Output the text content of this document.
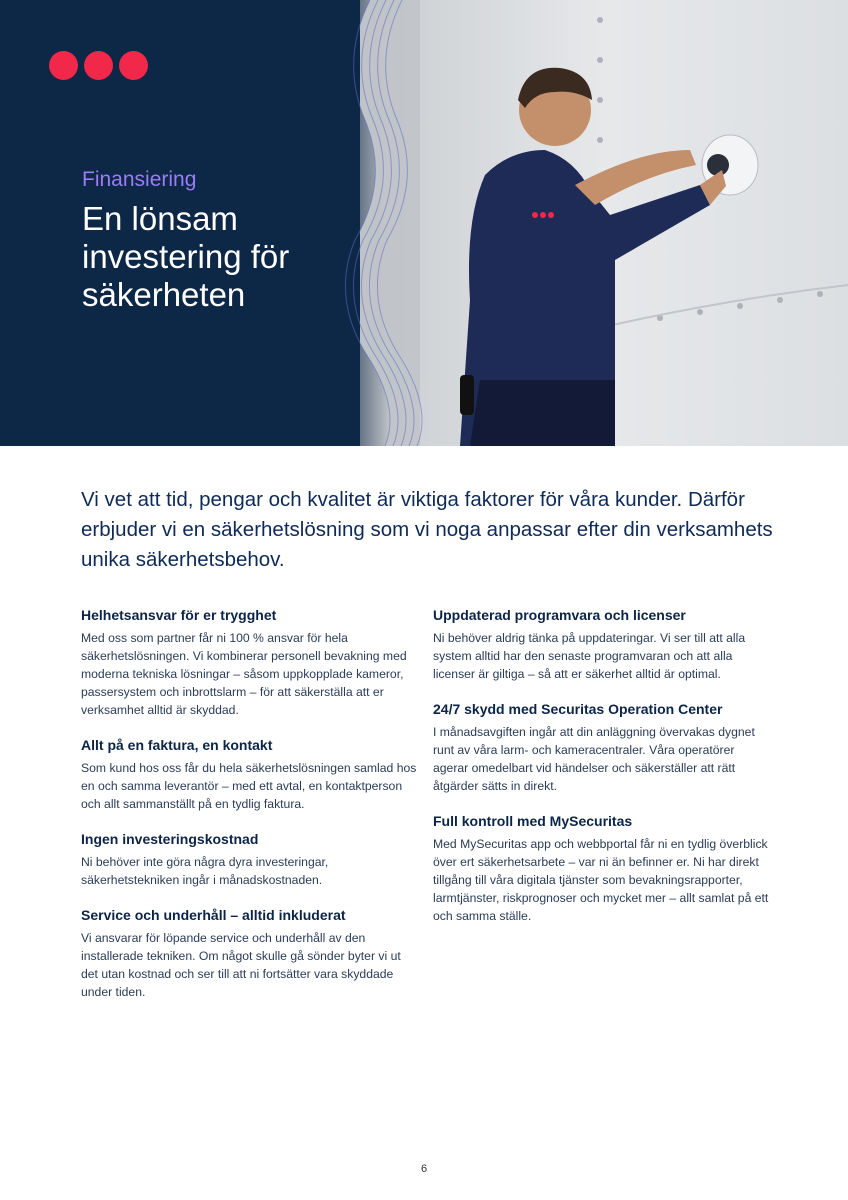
Finansiering
En lönsam investering för säkerheten

Vi vet att tid, pengar och kvalitet är viktiga faktorer för våra kunder. Därför erbjuder vi en säkerhetslösning som vi noga anpassar efter din verksamhets unika säkerhetsbehov.

Helhetsansvar för er trygghet

Med oss som partner får ni 100 % ansvar för hela säkerhetslösningen. Vi kombinerar personell bevakning med moderna tekniska lösningar – såsom uppkopplade kameror, passersystem och inbrottslarm – för att säkerställa att er verksamhet alltid är skyddad.

Allt på en faktura, en kontakt

Som kund hos oss får du hela säkerhetslösningen samlad hos en och samma leverantör – med ett avtal, en kontaktperson och allt sammanställt på en tydlig faktura.

Ingen investeringskostnad

Ni behöver inte göra några dyra investeringar, säkerhetstekniken ingår i månadskostnaden.

Service och underhåll – alltid inkluderat

Vi ansvarar för löpande service och underhåll av den installerade tekniken. Om något skulle gå sönder byter vi ut det utan kostnad och ser till att ni fortsätter vara skyddade under tiden.

Uppdaterad programvara och licenser

Ni behöver aldrig tänka på uppdateringar. Vi ser till att alla system alltid har den senaste programvaran och att alla licenser är giltiga – så att er säkerhet alltid är optimal.

24/7 skydd med Securitas Operation Center

I månadsavgiften ingår att din anläggning övervakas dygnet runt av våra larm- och kameracentraler. Våra operatörer agerar omedelbart vid händelser och säkerställer att rätt åtgärder sätts in direkt.

Full kontroll med MySecuritas

Med MySecuritas app och webbportal får ni en tydlig överblick över ert säkerhetsarbete – var ni än befinner er. Ni har direkt tillgång till våra digitala tjänster som bevakningsrapporter, larmtjänster, riskprognoser och mycket mer – allt samlat på ett och samma ställe.

6
